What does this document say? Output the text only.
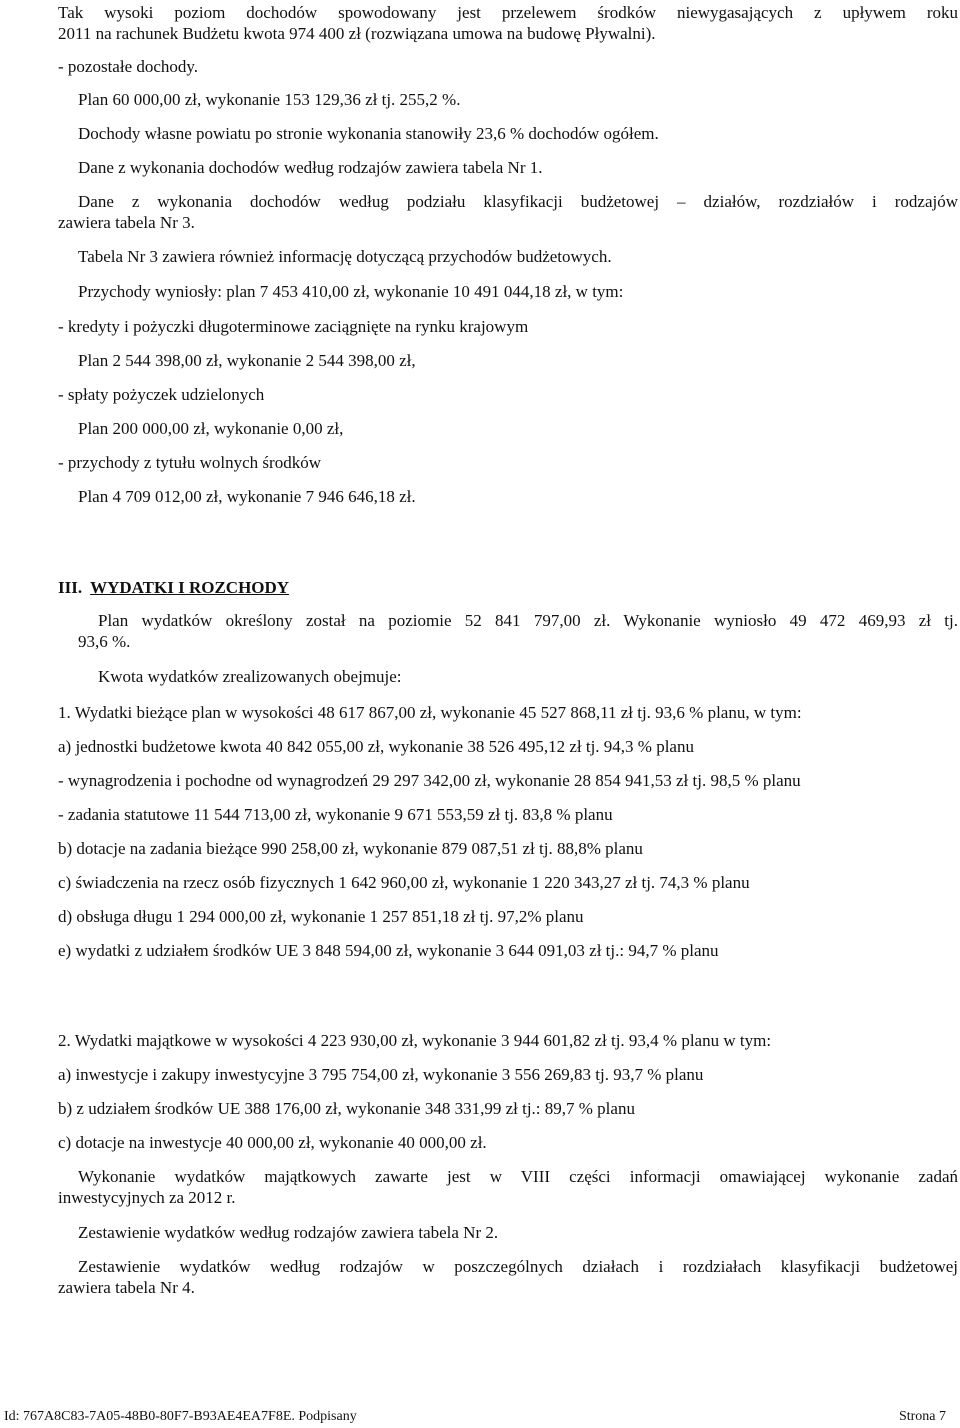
Tak wysoki poziom dochodów spowodowany jest przelewem środków niewygasających z upływem roku
2011 na rachunek Budżetu kwota 974 400 zł (rozwiązana umowa na budowę Pływalni).
- pozostałe dochody.
Plan 60 000,00 zł, wykonanie 153 129,36 zł tj. 255,2 %.
Dochody własne powiatu po stronie wykonania stanowiły 23,6 % dochodów ogółem.
Dane z wykonania dochodów według rodzajów zawiera tabela Nr 1.
Dane z wykonania dochodów według podziału klasyfikacji budżetowej – działów, rozdziałów i rodzajów
zawiera tabela Nr 3.
Tabela Nr 3 zawiera również informację dotyczącą przychodów budżetowych.
Przychody wyniosły: plan 7 453 410,00 zł, wykonanie 10 491 044,18 zł, w tym:
- kredyty i pożyczki długoterminowe zaciągnięte na rynku krajowym
Plan 2 544 398,00 zł, wykonanie 2 544 398,00 zł,
- spłaty pożyczek udzielonych
Plan 200 000,00 zł, wykonanie 0,00 zł,
- przychody z tytułu wolnych środków
Plan 4 709 012,00 zł, wykonanie 7 946 646,18 zł.
III. WYDATKI I ROZCHODY
Plan wydatków określony został na poziomie 52 841 797,00 zł. Wykonanie wyniosło 49 472 469,93 zł tj.
93,6 %.
Kwota wydatków zrealizowanych obejmuje:
1. Wydatki bieżące plan w wysokości 48 617 867,00 zł, wykonanie 45 527 868,11 zł tj. 93,6 % planu, w tym:
a) jednostki budżetowe kwota 40 842 055,00 zł, wykonanie 38 526 495,12 zł tj. 94,3 % planu
- wynagrodzenia i pochodne od wynagrodzeń 29 297 342,00 zł, wykonanie 28 854 941,53 zł tj. 98,5 % planu
- zadania statutowe 11 544 713,00 zł, wykonanie 9 671 553,59 zł tj. 83,8 % planu
b) dotacje na zadania bieżące 990 258,00 zł, wykonanie 879 087,51 zł tj. 88,8% planu
c) świadczenia na rzecz osób fizycznych 1 642 960,00 zł, wykonanie 1 220 343,27 zł tj. 74,3 % planu
d) obsługa długu 1 294 000,00 zł, wykonanie 1 257 851,18 zł tj. 97,2% planu
e) wydatki z udziałem środków UE 3 848 594,00 zł, wykonanie 3 644 091,03 zł tj.: 94,7 % planu
2. Wydatki majątkowe w wysokości 4 223 930,00 zł, wykonanie 3 944 601,82 zł tj. 93,4 % planu w tym:
a) inwestycje i zakupy inwestycyjne 3 795 754,00 zł, wykonanie 3 556 269,83 tj. 93,7 % planu
b) z udziałem środków UE 388 176,00 zł, wykonanie 348 331,99 zł tj.: 89,7 % planu
c) dotacje na inwestycje 40 000,00 zł, wykonanie 40 000,00 zł.
Wykonanie wydatków majątkowych zawarte jest w VIII części informacji omawiającej wykonanie zadań
inwestycyjnych za 2012 r.
Zestawienie wydatków według rodzajów zawiera tabela Nr 2.
Zestawienie wydatków według rodzajów w poszczególnych działach i rozdziałach klasyfikacji budżetowej
zawiera tabela Nr 4.
Id: 767A8C83-7A05-48B0-80F7-B93AE4EA7F8E. Podpisany	Strona 7
